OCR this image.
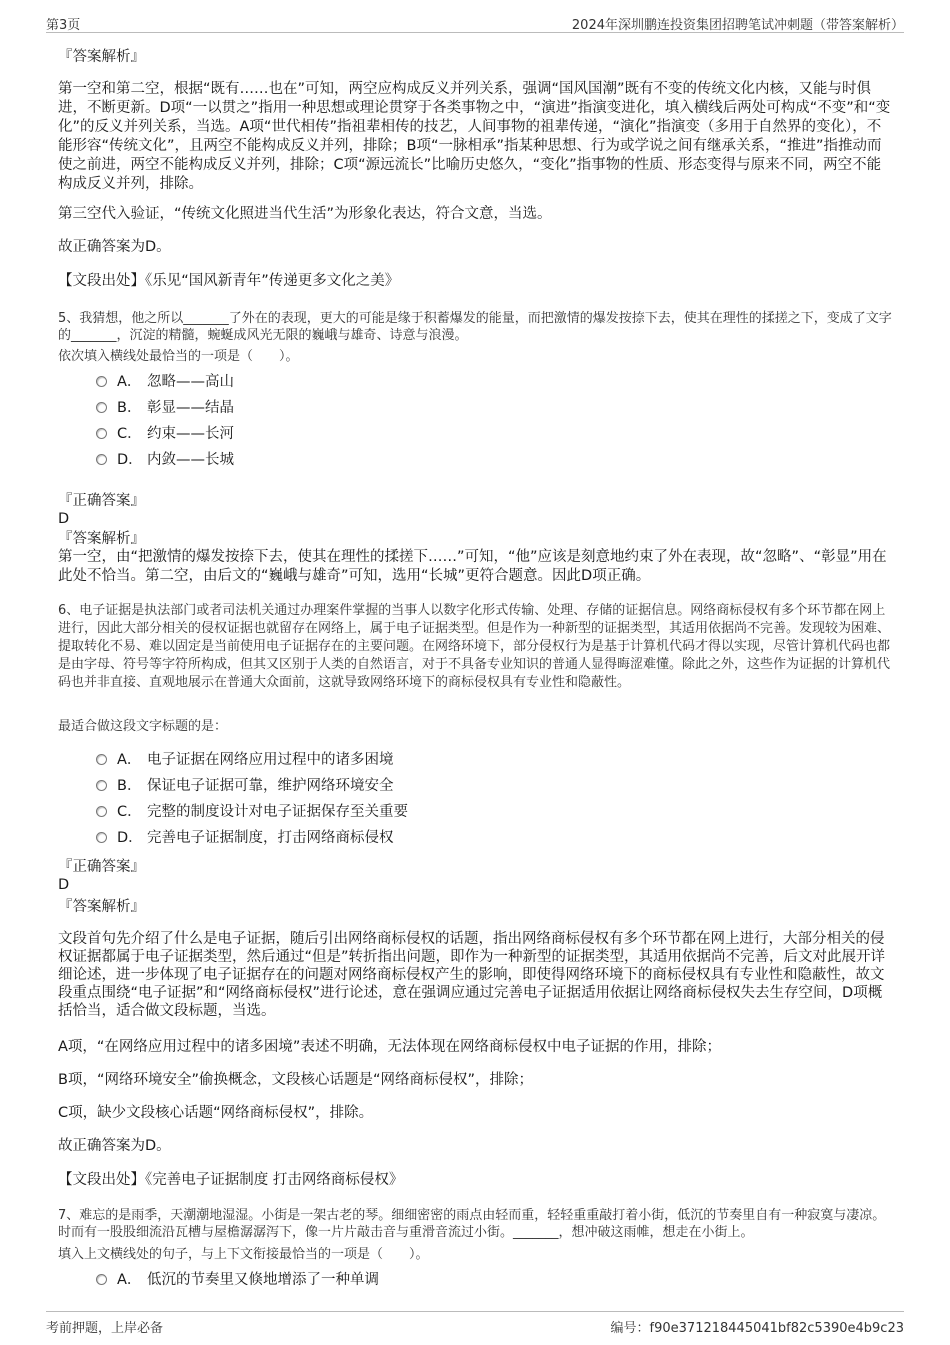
第3页	2024年深圳鹏连投资集团招聘笔试冲刺题（带答案解析）
『答案解析』
第一空和第二空，根据“既有……也在”可知，两空应构成反义并列关系，强调“国风国潮”既有不变的传统文化内核，又能与时俱进，不断更新。D项“一以贯之”指用一种思想或理论贯穿于各类事物之中，“演进”指演变进化，填入横线后两处可构成“不变”和“变化”的反义并列关系，当选。A项“世代相传”指祖辈相传的技艺，人间事物的祖辈传递，“演化”指演变（多用于自然界的变化），不能形容“传统文化”，且两空不能构成反义并列，排除；B项“一脉相承”指某种思想、行为或学说之间有继承关系，“推进”指推动而使之前进，两空不能构成反义并列，排除；C项“源远流长”比喻历史悠久，“变化”指事物的性质、形态变得与原来不同，两空不能构成反义并列，排除。
第三空代入验证，“传统文化照进当代生活”为形象化表达，符合文意，当选。
故正确答案为D。
【文段出处】《乐见“国风新青年”传递更多文化之美》
5、我猜想，他之所以_______了外在的表现，更大的可能是缘于积蓄爆发的能量，而把激情的爆发按捺下去，使其在理性的揉搓之下，变成了文字的_______，沉淀的精髓，蜿蜒成风光无限的巍峨与雄奇、诗意与浪漫。
依次填入横线处最恰当的一项是（　　）。
A． 忽略——高山
B． 彰显——结晶
C． 约束——长河
D． 内敛——长城
『正确答案』
D
『答案解析』
第一空，由“把激情的爆发按捺下去，使其在理性的揉搓下……”可知，“他”应该是刻意地约束了外在表现，故“忽略”、“彰显”用在此处不恰当。第二空，由后文的“巍峨与雄奇”可知，选用“长城”更符合题意。因此D项正确。
6、电子证据是执法部门或者司法机关通过办理案件掌握的当事人以数字化形式传输、处理、存储的证据信息。网络商标侵权有多个环节都在网上进行，因此大部分相关的侵权证据也就留存在网络上，属于电子证据类型。但是作为一种新型的证据类型，其适用依据尚不完善。发现较为困难、提取转化不易、难以固定是当前使用电子证据存在的主要问题。在网络环境下，部分侵权行为是基于计算机代码才得以实现，尽管计算机代码也都是由字母、符号等字符所构成，但其又区别于人类的自然语言，对于不具备专业知识的普通人显得晦涩难懂。除此之外，这些作为证据的计算机代码也并非直接、直观地展示在普通大众面前，这就导致网络环境下的商标侵权具有专业性和隐蔽性。
最适合做这段文字标题的是：
A． 电子证据在网络应用过程中的诸多困境
B． 保证电子证据可靠，维护网络环境安全
C． 完整的制度设计对电子证据保存至关重要
D． 完善电子证据制度，打击网络商标侵权
『正确答案』
D
『答案解析』
文段首句先介绍了什么是电子证据，随后引出网络商标侵权的话题，指出网络商标侵权有多个环节都在网上进行，大部分相关的侵权证据都属于电子证据类型，然后通过“但是”转折指出问题，即作为一种新型的证据类型，其适用依据尚不完善，后文对此展开详细论述，进一步体现了电子证据存在的问题对网络商标侵权产生的影响，即使得网络环境下的商标侵权具有专业性和隐蔽性，故文段重点围绕“电子证据”和“网络商标侵权”进行论述，意在强调应通过完善电子证据适用依据让网络商标侵权失去生存空间，D项概括恰当，适合做文段标题，当选。
A项，“在网络应用过程中的诸多困境”表述不明确，无法体现在网络商标侵权中电子证据的作用，排除；
B项，“网络环境安全”偷换概念，文段核心话题是“网络商标侵权”，排除；
C项，缺少文段核心话题“网络商标侵权”，排除。
故正确答案为D。
【文段出处】《完善电子证据制度 打击网络商标侵权》
7、难忘的是雨季，天潮潮地湿湿。小街是一架古老的琴。细细密密的雨点由轻而重，轻轻重重敲打着小街，低沉的节奏里自有一种寂寞与凄凉。时而有一股股细流沿瓦槽与屋檐潺潺泻下，像一片片敲击音与重滑音流过小街。_______，想冲破这雨帷，想走在小街上。
填入上文横线处的句子，与上下文衔接最恰当的一项是（　　）。
A． 低沉的节奏里又倏地增添了一种单调
考前押题，上岸必备	编号：f90e371218445041bf82c5390e4b9c23
